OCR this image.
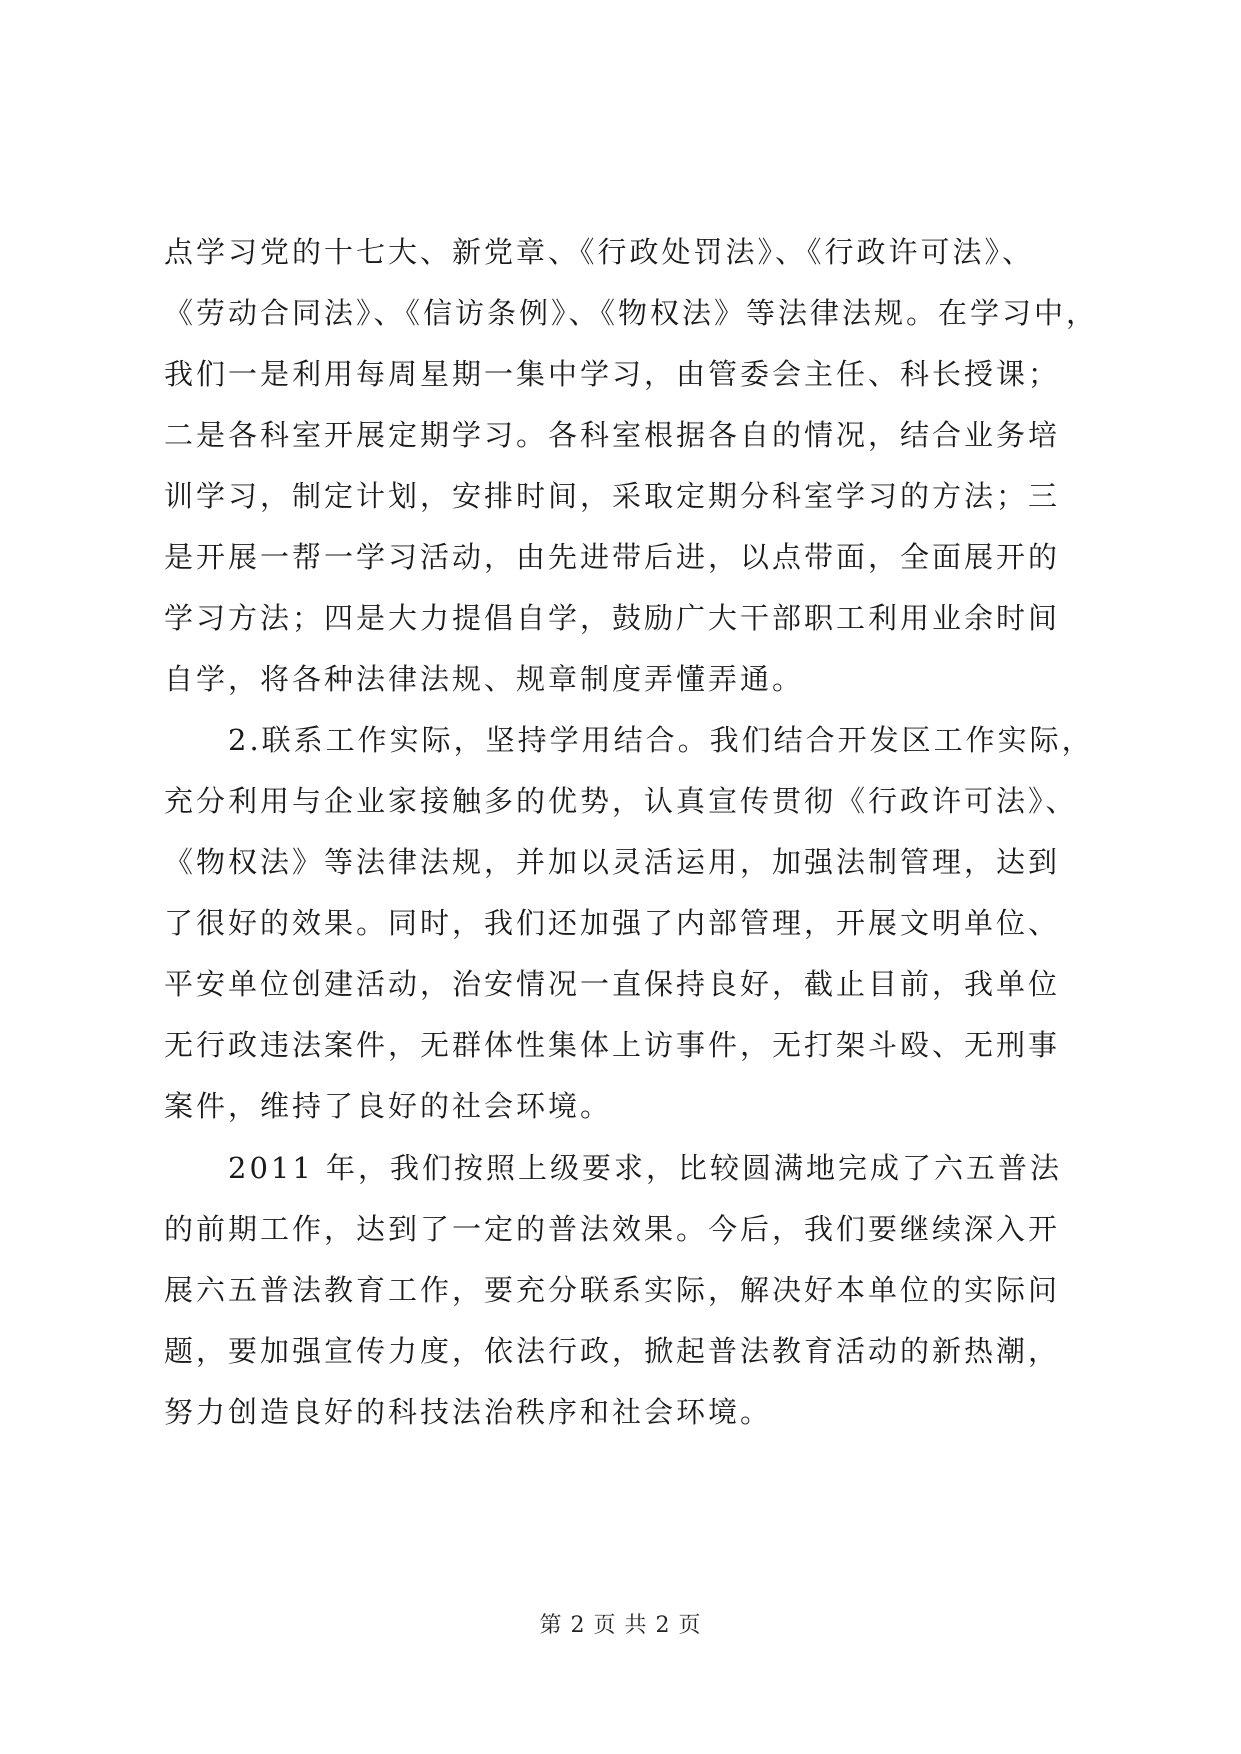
点学习党的十七大、新党章、《行政处罚法》、《行政许可法》、
《劳动合同法》、《信访条例》、《物权法》等法律法规。在学习中，
我们一是利用每周星期一集中学习，由管委会主任、科长授课；
二是各科室开展定期学习。各科室根据各自的情况，结合业务培
训学习，制定计划，安排时间，采取定期分科室学习的方法；三
是开展一帮一学习活动，由先进带后进，以点带面，全面展开的
学习方法；四是大力提倡自学，鼓励广大干部职工利用业余时间
自学，将各种法律法规、规章制度弄懂弄通。
　　2.联系工作实际，坚持学用结合。我们结合开发区工作实际，
充分利用与企业家接触多的优势，认真宣传贯彻《行政许可法》、
《物权法》等法律法规，并加以灵活运用，加强法制管理，达到
了很好的效果。同时，我们还加强了内部管理，开展文明单位、
平安单位创建活动，治安情况一直保持良好，截止目前，我单位
无行政违法案件，无群体性集体上访事件，无打架斗殴、无刑事
案件，维持了良好的社会环境。
　　2011 年，我们按照上级要求，比较圆满地完成了六五普法
的前期工作，达到了一定的普法效果。今后，我们要继续深入开
展六五普法教育工作，要充分联系实际，解决好本单位的实际问
题，要加强宣传力度，依法行政，掀起普法教育活动的新热潮，
努力创造良好的科技法治秩序和社会环境。
第 2 页 共 2 页
